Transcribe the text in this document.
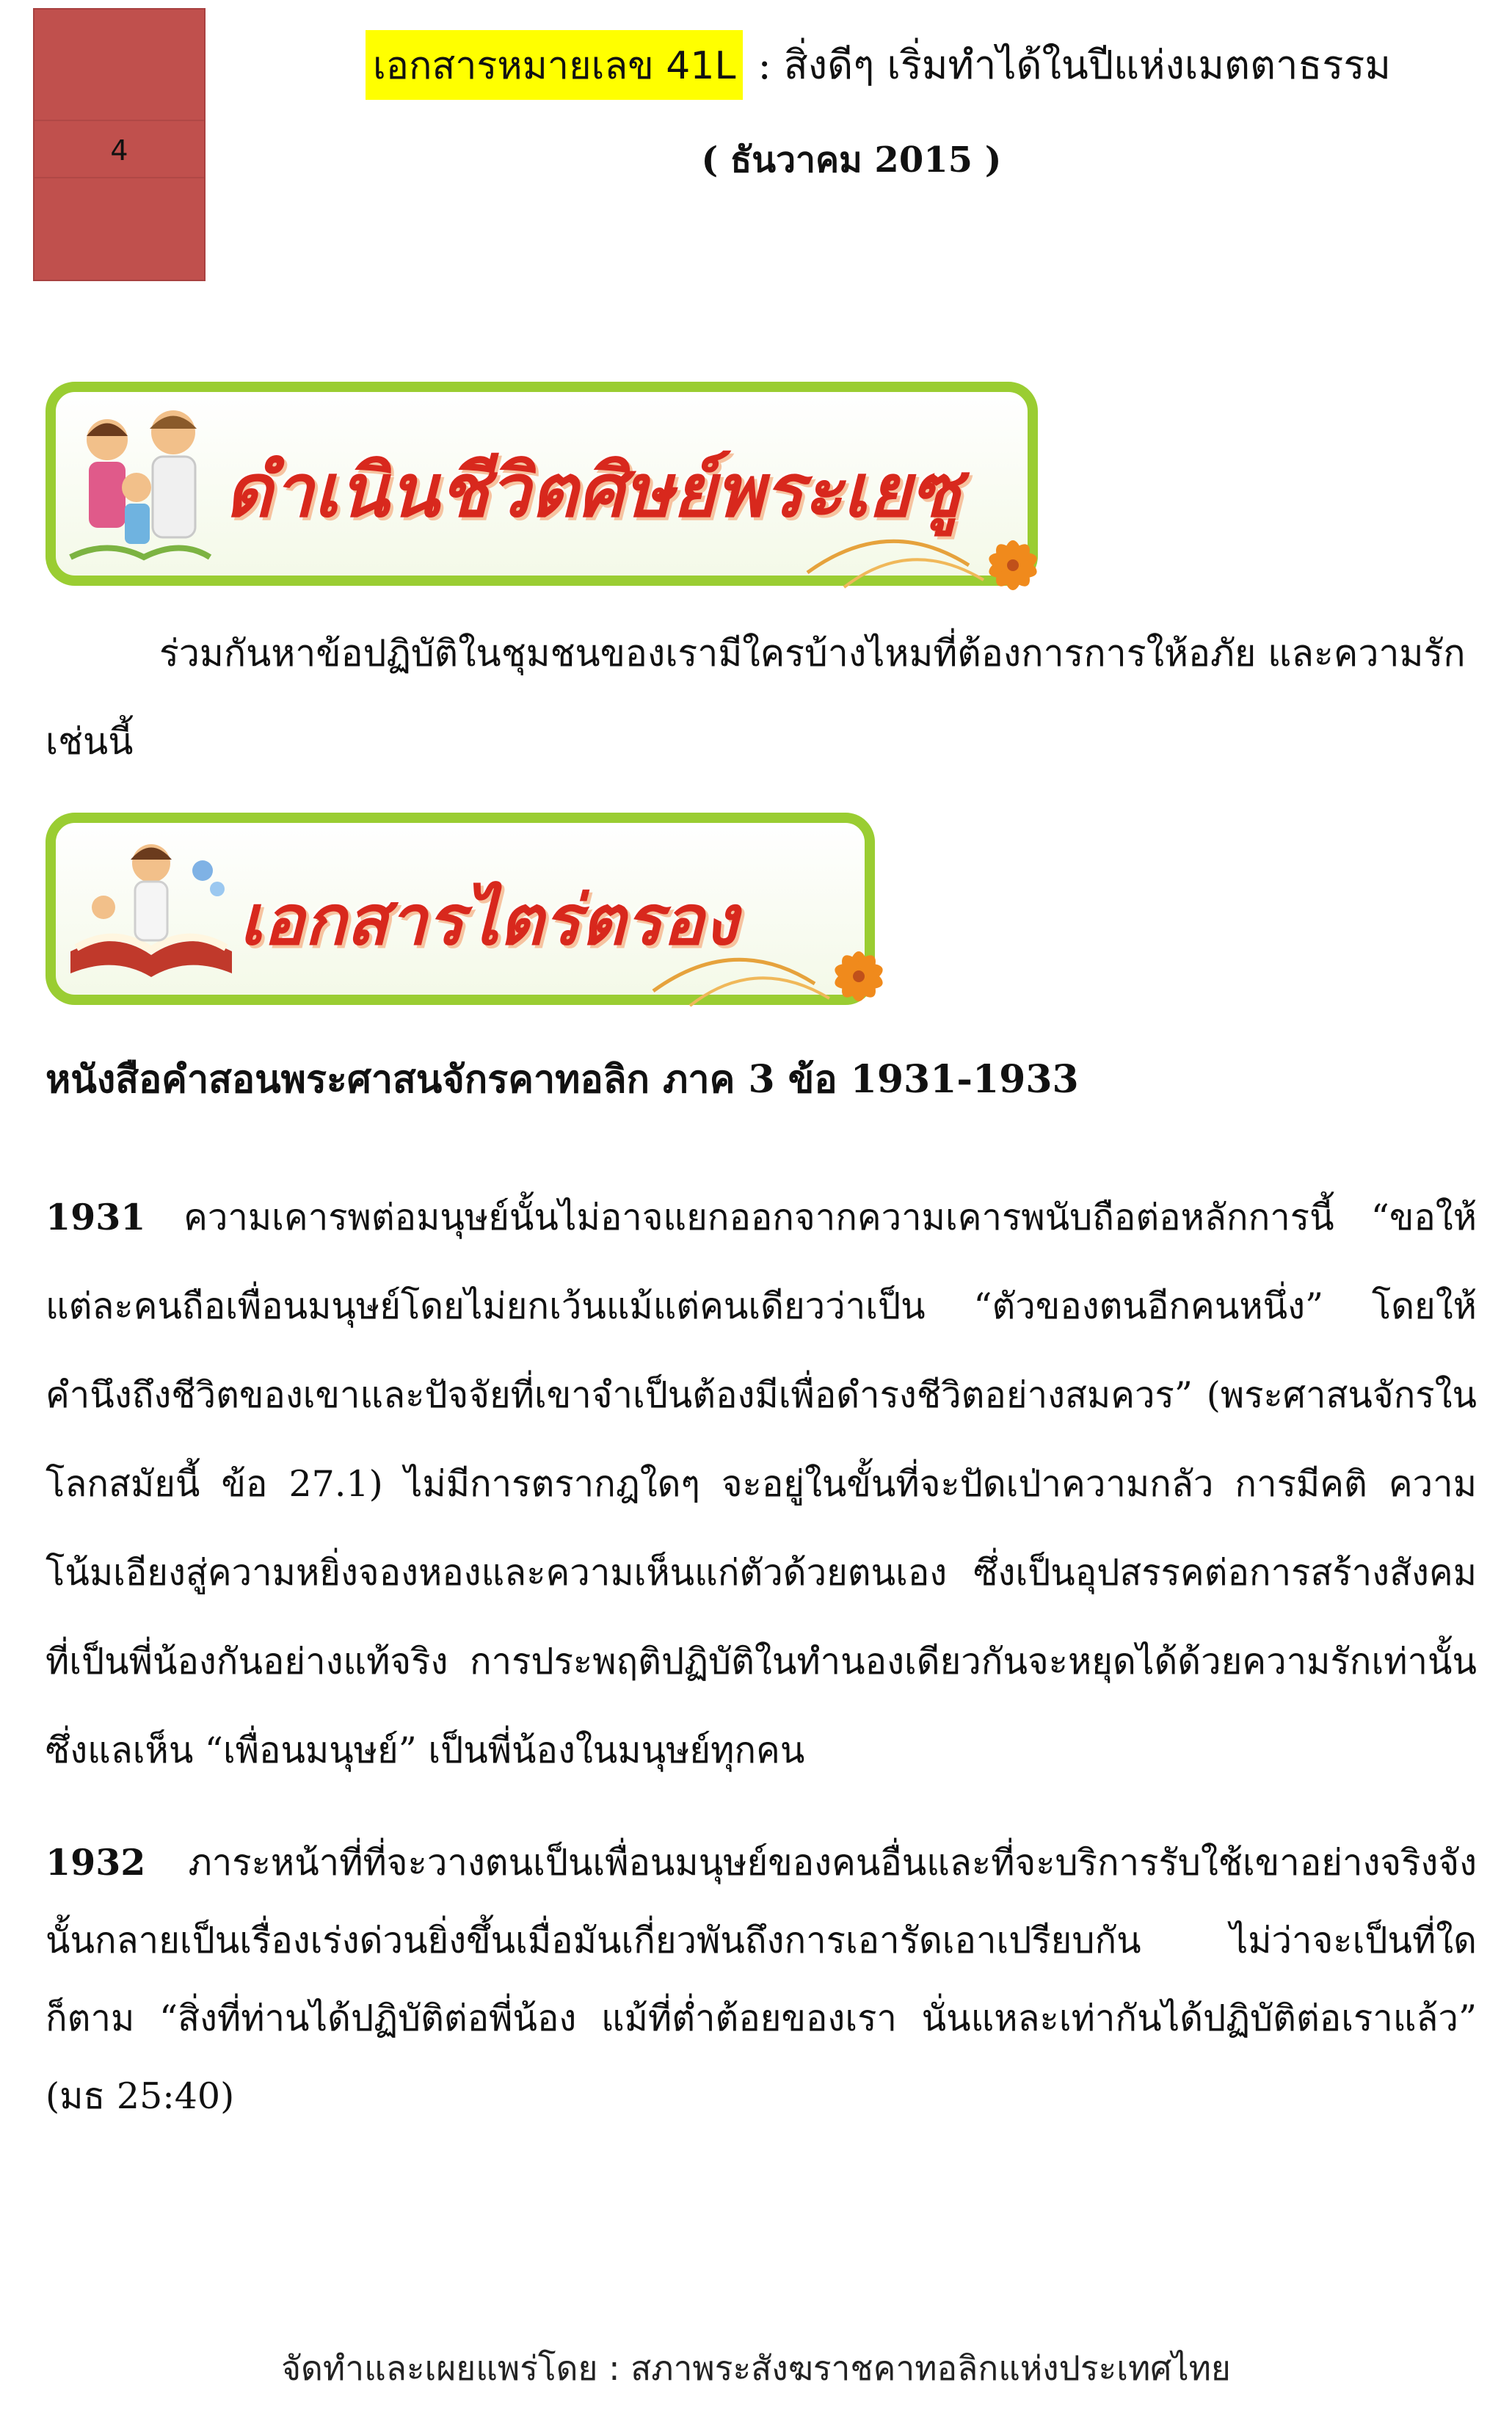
4
เอกสารหมายเลข 41L : สิ่งดีๆ เริ่มทำได้ในปีแห่งเมตตาธรรม
( ธันวาคม 2015 )
ดำเนินชีวิตศิษย์พระเยซู
ร่วมกันหาข้อปฏิบัติในชุมชนของเรามีใครบ้างไหมที่ต้องการการให้อภัย และความรัก
เช่นนี้
เอกสารไตร่ตรอง
หนังสือคำสอนพระศาสนจักรคาทอลิก ภาค 3 ข้อ 1931-1933
1931 ความเคารพต่อมนุษย์นั้นไม่อาจแยกออกจากความเคารพนับถือต่อหลักการนี้ “ขอให้แต่ละคนถือเพื่อนมนุษย์โดยไม่ยกเว้นแม้แต่คนเดียวว่าเป็น “ตัวของตนอีกคนหนึ่ง” โดยให้คำนึงถึงชีวิตของเขาและปัจจัยที่เขาจำเป็นต้องมีเพื่อดำรงชีวิตอย่างสมควร” (พระศาสนจักรในโลกสมัยนี้ ข้อ 27.1) ไม่มีการตรากฎใดๆ จะอยู่ในขั้นที่จะปัดเป่าความกลัว การมีคติ ความโน้มเอียงสู่ความหยิ่งจองหองและความเห็นแก่ตัวด้วยตนเอง ซึ่งเป็นอุปสรรคต่อการสร้างสังคมที่เป็นพี่น้องกันอย่างแท้จริง การประพฤติปฏิบัติในทำนองเดียวกันจะหยุดได้ด้วยความรักเท่านั้น ซึ่งแลเห็น “เพื่อนมนุษย์” เป็นพี่น้องในมนุษย์ทุกคน
1932 ภาระหน้าที่ที่จะวางตนเป็นเพื่อนมนุษย์ของคนอื่นและที่จะบริการรับใช้เขาอย่างจริงจังนั้นกลายเป็นเรื่องเร่งด่วนยิ่งขึ้นเมื่อมันเกี่ยวพันถึงการเอารัดเอาเปรียบกัน ไม่ว่าจะเป็นที่ใดก็ตาม “สิ่งที่ท่านได้ปฏิบัติต่อพี่น้อง แม้ที่ต่ำต้อยของเรา นั่นแหละเท่ากันได้ปฏิบัติต่อเราแล้ว” (มธ 25:40)
จัดทำและเผยแพร่โดย : สภาพระสังฆราชคาทอลิกแห่งประเทศไทย
